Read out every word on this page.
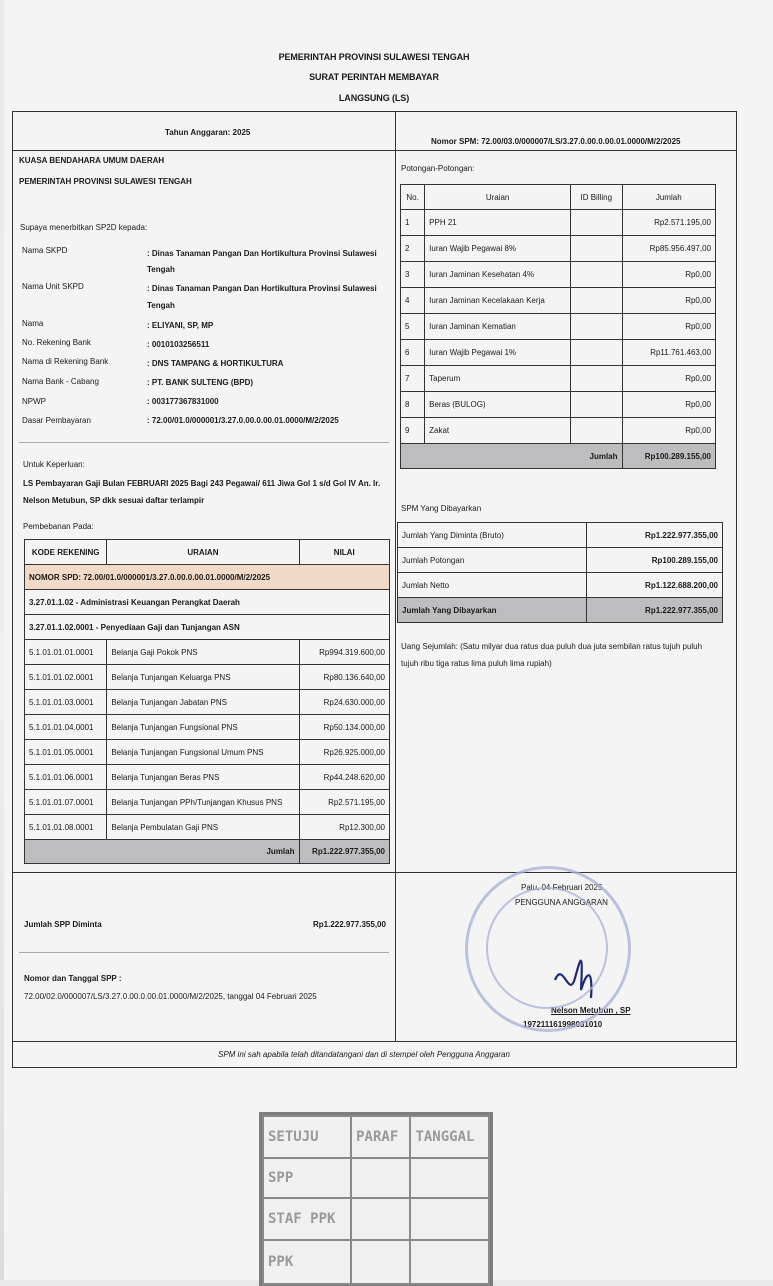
PEMERINTAH PROVINSI SULAWESI TENGAH
SURAT PERINTAH MEMBAYAR
LANGSUNG (LS)
Tahun Anggaran: 2025
Nomor SPM: 72.00/03.0/000007/LS/3.27.0.00.0.00.01.0000/M/2/2025
KUASA BENDAHARA UMUM DAERAH
PEMERINTAH PROVINSI SULAWESI TENGAH
Supaya menerbitkan SP2D kepada:
Nama SKPD	: Dinas Tanaman Pangan Dan Hortikultura Provinsi Sulawesi
Tengah
Nama Unit SKPD	: Dinas Tanaman Pangan Dan Hortikultura Provinsi Sulawesi
Tengah
Nama	: ELIYANI, SP, MP
No. Rekening Bank	: 0010103256511
Nama di Rekening Bank	: DNS TAMPANG & HORTIKULTURA
Nama Bank - Cabang	: PT. BANK SULTENG (BPD)
NPWP	: 003177367831000
Dasar Pembayaran	: 72.00/01.0/000001/3.27.0.00.0.00.01.0000/M/2/2025
Untuk Keperluan:
LS Pembayaran Gaji Bulan FEBRUARI 2025 Bagi 243 Pegawai/ 611 Jiwa Gol 1 s/d Gol IV An. Ir.
Nelson Metubun, SP dkk sesuai daftar terlampir
Pembebanan Pada:
KODE REKENING	URAIAN	NILAI
NOMOR SPD: 72.00/01.0/000001/3.27.0.00.0.00.01.0000/M/2/2025		
3.27.01.1.02 - Administrasi Keuangan Perangkat Daerah		
3.27.01.1.02.0001 - Penyediaan Gaji dan Tunjangan ASN		
5.1.01.01.01.0001	Belanja Gaji Pokok PNS	Rp994.319.600,00
5.1.01.01.02.0001	Belanja Tunjangan Keluarga PNS	Rp80.136.640,00
5.1.01.01.03.0001	Belanja Tunjangan Jabatan PNS	Rp24.630.000,00
5.1.01.01.04.0001	Belanja Tunjangan Fungsional PNS	Rp50.134.000,00
5.1.01.01.05.0001	Belanja Tunjangan Fungsional Umum PNS	Rp26.925.000,00
5.1.01.01.06.0001	Belanja Tunjangan Beras PNS	Rp44.248.620,00
5.1.01.01.07.0001	Belanja Tunjangan PPh/Tunjangan Khusus PNS	Rp2.571.195,00
5.1.01.01.08.0001	Belanja Pembulatan Gaji PNS	Rp12.300,00
Jumlah		Rp1.222.977.355,00
Potongan-Potongan:
No.	Uraian	ID Billing	Jumlah
1	PPH 21		Rp2.571.195,00
2	Iuran Wajib Pegawai 8%		Rp85.956.497,00
3	Iuran Jaminan Kesehatan 4%		Rp0,00
4	Iuran Jaminan Kecelakaan Kerja		Rp0,00
5	Iuran Jaminan Kematian		Rp0,00
6	Iuran Wajib Pegawai 1%		Rp11.761.463,00
7	Taperum		Rp0,00
8	Beras (BULOG)		Rp0,00
9	Zakat		Rp0,00
Jumlah			Rp100.289.155,00
SPM Yang Dibayarkan
Jumlah Yang Diminta (Bruto)	Rp1.222.977.355,00
Jumlah Potongan	Rp100.289.155,00
Jumlah Netto	Rp1.122.688.200,00
Jumlah Yang Dibayarkan	Rp1.222.977.355,00
Uang Sejumlah: (Satu milyar dua ratus dua puluh dua juta sembilan ratus tujuh puluh
tujuh ribu tiga ratus lima puluh lima rupiah)
Jumlah SPP Diminta	Rp1.222.977.355,00
Nomor dan Tanggal SPP :
72.00/02.0/000007/LS/3.27.0.00.0.00.01.0000/M/2/2025, tanggal 04 Februari 2025
Palu, 04 Februari 2025
PENGGUNA ANGGARAN
Nelson Metubun , SP
197211161998031010
SPM ini sah apabila telah ditandatangani dan di stempel oleh Pengguna Anggaran
SETUJU	PARAF	TANGGAL
SPP		
STAF PPK		
PPK		
